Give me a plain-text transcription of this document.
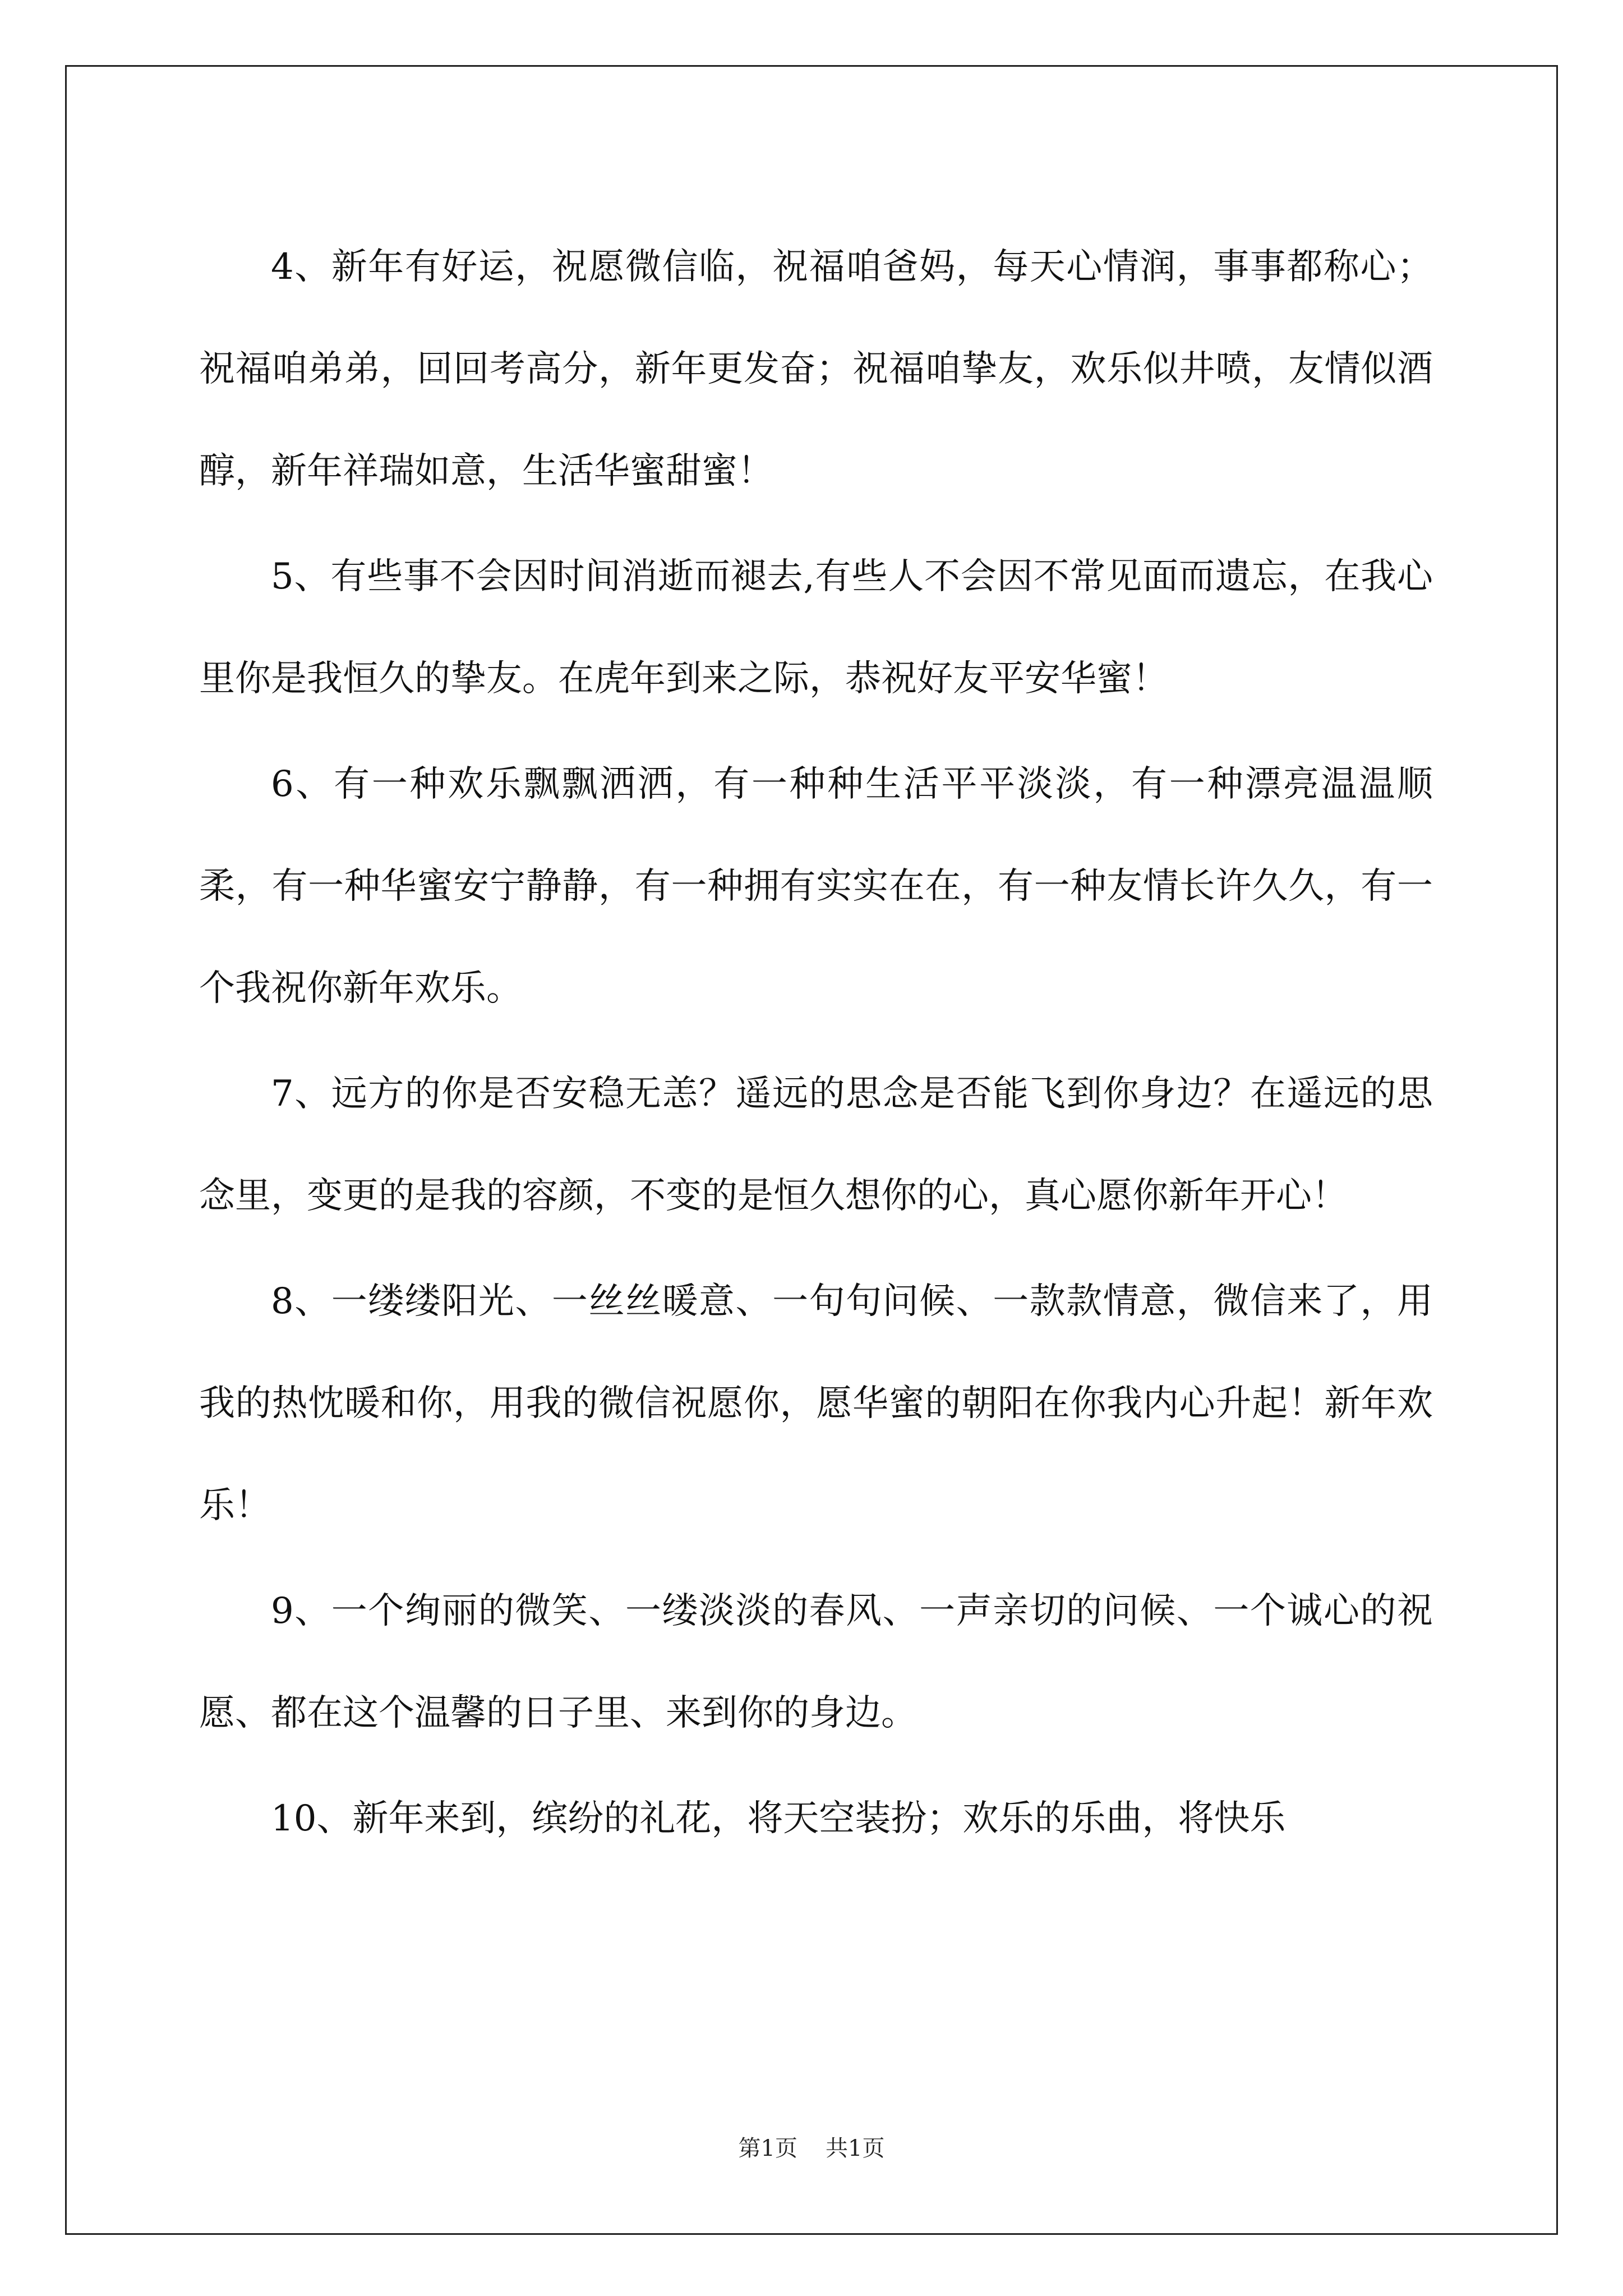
4、新年有好运，祝愿微信临，祝福咱爸妈，每天心情润，事事都称心；祝福咱弟弟，回回考高分，新年更发奋；祝福咱挚友，欢乐似井喷，友情似酒醇，新年祥瑞如意，生活华蜜甜蜜！

5、有些事不会因时间消逝而褪去,有些人不会因不常见面而遗忘，在我心里你是我恒久的挚友。在虎年到来之际，恭祝好友平安华蜜！

6、有一种欢乐飘飘洒洒，有一种种生活平平淡淡，有一种漂亮温温顺柔，有一种华蜜安宁静静，有一种拥有实实在在，有一种友情长许久久，有一个我祝你新年欢乐。

7、远方的你是否安稳无恙？遥远的思念是否能飞到你身边？在遥远的思念里，变更的是我的容颜，不变的是恒久想你的心，真心愿你新年开心！

8、一缕缕阳光、一丝丝暖意、一句句问候、一款款情意，微信来了，用我的热忱暖和你，用我的微信祝愿你，愿华蜜的朝阳在你我内心升起！新年欢乐！

9、一个绚丽的微笑、一缕淡淡的春风、一声亲切的问候、一个诚心的祝愿、都在这个温馨的日子里、来到你的身边。

10、新年来到，缤纷的礼花，将天空装扮；欢乐的乐曲，将快乐

第1页 共1页
